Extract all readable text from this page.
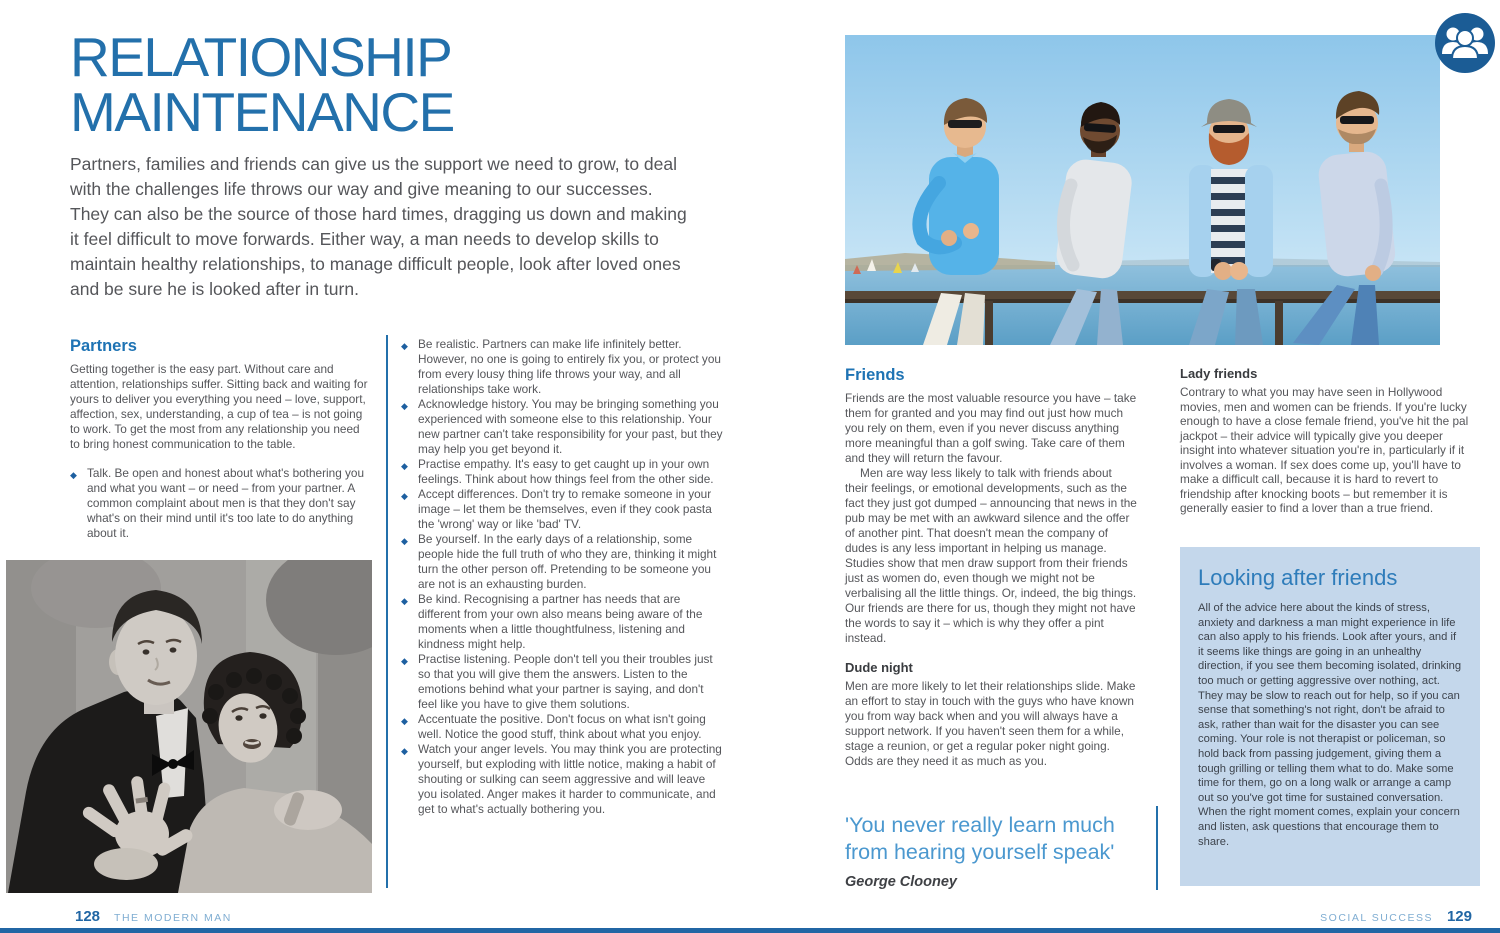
RELATIONSHIP
MAINTENANCE

Partners, families and friends can give us the support we need to grow, to deal with the challenges life throws our way and give meaning to our successes. They can also be the source of those hard times, dragging us down and making it feel difficult to move forwards. Either way, a man needs to develop skills to maintain healthy relationships, to manage difficult people, look after loved ones and be sure he is looked after in turn.

Partners

Getting together is the easy part. Without care and attention, relationships suffer. Sitting back and waiting for yours to deliver you everything you need – love, support, affection, sex, understanding, a cup of tea – is not going to work. To get the most from any relationship you need to bring honest communication to the table.

◆ Talk. Be open and honest about what's bothering you and what you want – or need – from your partner. A common complaint about men is that they don't say what's on their mind until it's too late to do anything about it.
◆ Be realistic. Partners can make life infinitely better. However, no one is going to entirely fix you, or protect you from every lousy thing life throws your way, and all relationships take work.
◆ Acknowledge history. You may be bringing something you experienced with someone else to this relationship. Your new partner can't take responsibility for your past, but they may help you get beyond it.
◆ Practise empathy. It's easy to get caught up in your own feelings. Think about how things feel from the other side.
◆ Accept differences. Don't try to remake someone in your image – let them be themselves, even if they cook pasta the 'wrong' way or like 'bad' TV.
◆ Be yourself. In the early days of a relationship, some people hide the full truth of who they are, thinking it might turn the other person off. Pretending to be someone you are not is an exhausting burden.
◆ Be kind. Recognising a partner has needs that are different from your own also means being aware of the moments when a little thoughtfulness, listening and kindness might help.
◆ Practise listening. People don't tell you their troubles just so that you will give them the answers. Listen to the emotions behind what your partner is saying, and don't feel like you have to give them solutions.
◆ Accentuate the positive. Don't focus on what isn't going well. Notice the good stuff, think about what you enjoy.
◆ Watch your anger levels. You may think you are protecting yourself, but exploding with little notice, making a habit of shouting or sulking can seem aggressive and will leave you isolated. Anger makes it harder to communicate, and get to what's actually bothering you.
Friends

Friends are the most valuable resource you have – take them for granted and you may find out just how much you rely on them, even if you never discuss anything more meaningful than a golf swing. Take care of them and they will return the favour.

Men are way less likely to talk with friends about their feelings, or emotional developments, such as the fact they just got dumped – announcing that news in the pub may be met with an awkward silence and the offer of another pint. That doesn't mean the company of dudes is any less important in helping us manage. Studies show that men draw support from their friends just as women do, even though we might not be verbalising all the little things. Or, indeed, the big things. Our friends are there for us, though they might not have the words to say it – which is why they offer a pint instead.

Dude night

Men are more likely to let their relationships slide. Make an effort to stay in touch with the guys who have known you from way back when and you will always have a support network. If you haven't seen them for a while, stage a reunion, or get a regular poker night going. Odds are they need it as much as you.

'You never really learn much from hearing yourself speak'
George Clooney
Lady friends

Contrary to what you may have seen in Hollywood movies, men and women can be friends. If you're lucky enough to have a close female friend, you've hit the pal jackpot – their advice will typically give you deeper insight into whatever situation you're in, particularly if it involves a woman. If sex does come up, you'll have to make a difficult call, because it is hard to revert to friendship after knocking boots – but remember it is generally easier to find a lover than a true friend.

Looking after friends

All of the advice here about the kinds of stress, anxiety and darkness a man might experience in life can also apply to his friends. Look after yours, and if it seems like things are going in an unhealthy direction, if you see them becoming isolated, drinking too much or getting aggressive over nothing, act. They may be slow to reach out for help, so if you can sense that something's not right, don't be afraid to ask, rather than wait for the disaster you can see coming. Your role is not therapist or policeman, so hold back from passing judgement, giving them a tough grilling or telling them what to do. Make some time for them, go on a long walk or arrange a camp out so you've got time for sustained conversation. When the right moment comes, explain your concern and listen, ask questions that encourage them to share.

128 THE MODERN MAN	SOCIAL SUCCESS 129
